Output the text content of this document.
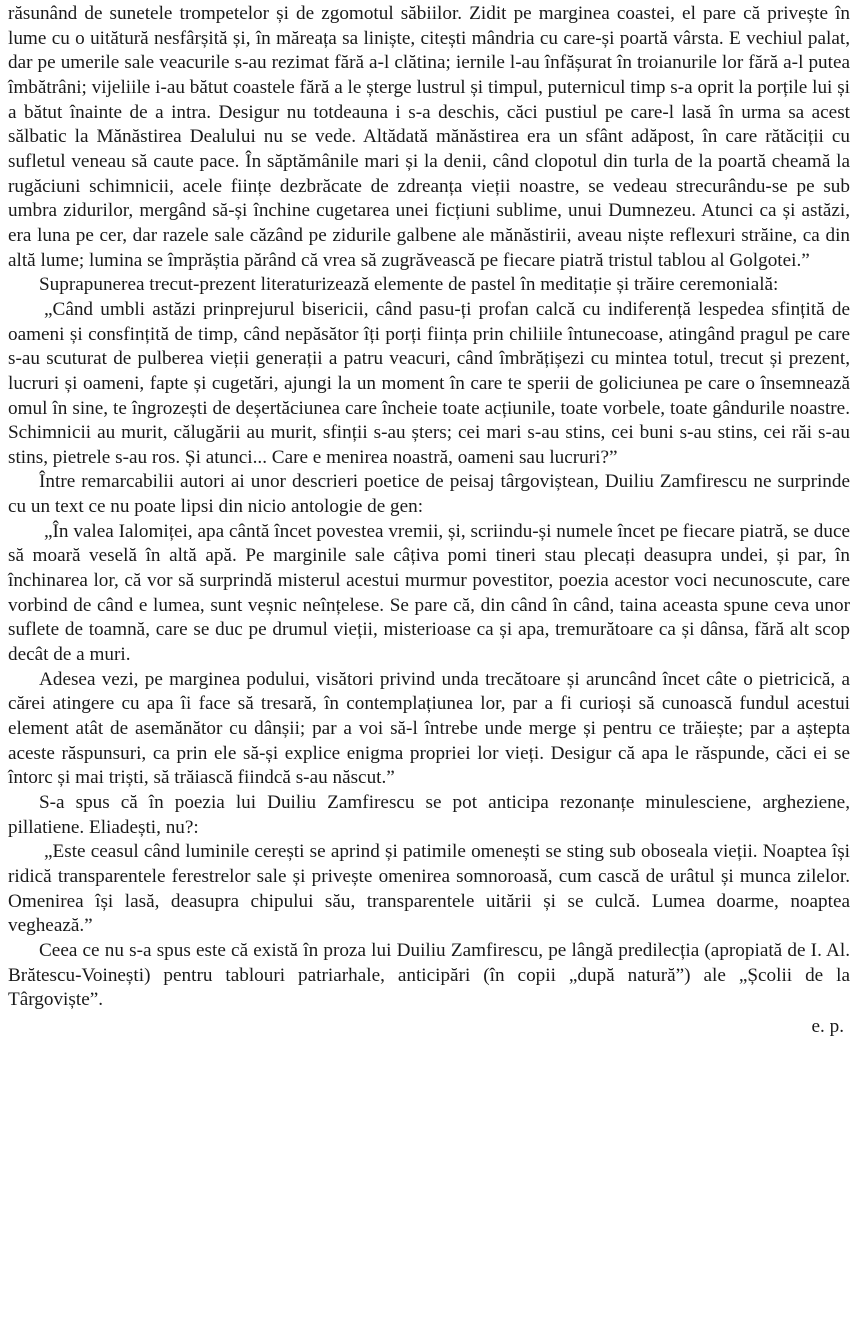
răsunând de sunetele trompetelor și de zgomotul săbiilor. Zidit pe marginea coastei, el pare că privește în lume cu o uitătură nesfârșită și, în măreața sa liniște, citești mândria cu care-și poartă vârsta. E vechiul palat, dar pe umerile sale veacurile s-au rezimat fără a-l clătina; iernile l-au înfășurat în troianurile lor fără a-l putea îmbătrâni; vijeliile i-au bătut coastele fără a le șterge lustrul și timpul, puternicul timp s-a oprit la porțile lui și a bătut înainte de a intra. Desigur nu totdeauna i s-a deschis, căci pustiul pe care-l lasă în urma sa acest sălbatic la Mănăstirea Dealului nu se vede. Altădată mănăstirea era un sfânt adăpost, în care rătăciții cu sufletul veneau să caute pace. În săptămânile mari și la denii, când clopotul din turla de la poartă cheamă la rugăciuni schimnicii, acele ființe dezbrăcate de zdreanța vieții noastre, se vedeau strecurându-se pe sub umbra zidurilor, mergând să-și închine cugetarea unei ficțiuni sublime, unui Dumnezeu. Atunci ca și astăzi, era luna pe cer, dar razele sale căzând pe zidurile galbene ale mănăstirii, aveau niște reflexuri străine, ca din altă lume; lumina se împrăștia părând că vrea să zugrăvească pe fiecare piatră tristul tablou al Golgotei.”

Suprapunerea trecut-prezent literaturizează elemente de pastel în meditație și trăire ceremonială:

„Când umbli astăzi prinprejurul bisericii, când pasu-ți profan calcă cu indiferență lespedea sfințită de oameni și consfințită de timp, când nepăsător îți porți ființa prin chiliile întunecoase, atingând pragul pe care s-au scuturat de pulberea vieții generații a patru veacuri, când îmbrățișezi cu mintea totul, trecut și prezent, lucruri și oameni, fapte și cugetări, ajungi la un moment în care te sperii de goliciunea pe care o însemnează omul în sine, te îngrozești de deșertăciunea care încheie toate acțiunile, toate vorbele, toate gândurile noastre. Schimnicii au murit, călugării au murit, sfinții s-au șters; cei mari s-au stins, cei buni s-au stins, cei răi s-au stins, pietrele s-au ros. Și atunci... Care e menirea noastră, oameni sau lucruri?”

Între remarcabilii autori ai unor descrieri poetice de peisaj târgoviștean, Duiliu Zamfirescu ne surprinde cu un text ce nu poate lipsi din nicio antologie de gen:

„În valea Ialomiței, apa cântă încet povestea vremii, și, scriindu-și numele încet pe fiecare piatră, se duce să moară veselă în altă apă. Pe marginile sale câțiva pomi tineri stau plecați deasupra undei, și par, în închinarea lor, că vor să surprindă misterul acestui murmur povestitor, poezia acestor voci necunoscute, care vorbind de când e lumea, sunt veșnic neînțelese. Se pare că, din când în când, taina aceasta spune ceva unor suflete de toamnă, care se duc pe drumul vieții, misterioase ca și apa, tremurătoare ca și dânsa, fără alt scop decât de a muri.

Adesea vezi, pe marginea podului, visători privind unda trecătoare și aruncând încet câte o pietricică, a cărei atingere cu apa îi face să tresară, în contemplațiunea lor, par a fi curioși să cunoască fundul acestui element atât de asemănător cu dânșii; par a voi să-l întrebe unde merge și pentru ce trăiește; par a aștepta aceste răspunsuri, ca prin ele să-și explice enigma propriei lor vieți. Desigur că apa le răspunde, căci ei se întorc și mai triști, să trăiască fiindcă s-au născut.”

S-a spus că în poezia lui Duiliu Zamfirescu se pot anticipa rezonanțe minulesciene, argheziene, pillatiene. Eliadești, nu?:

„Este ceasul când luminile cerești se aprind și patimile omenești se sting sub oboseala vieții. Noaptea își ridică transparentele ferestrelor sale și privește omenirea somnoroasă, cum cască de urâtul și munca zilelor. Omenirea își lasă, deasupra chipului său, transparentele uitării și se culcă. Lumea doarme, noaptea veghează.”

Ceea ce nu s-a spus este că există în proza lui Duiliu Zamfirescu, pe lângă predilecția (apropiată de I. Al. Brătescu-Voinești) pentru tablouri patriarhale, anticipări (în copii „după natură”) ale „Școlii de la Târgoviște”.

e. p.
